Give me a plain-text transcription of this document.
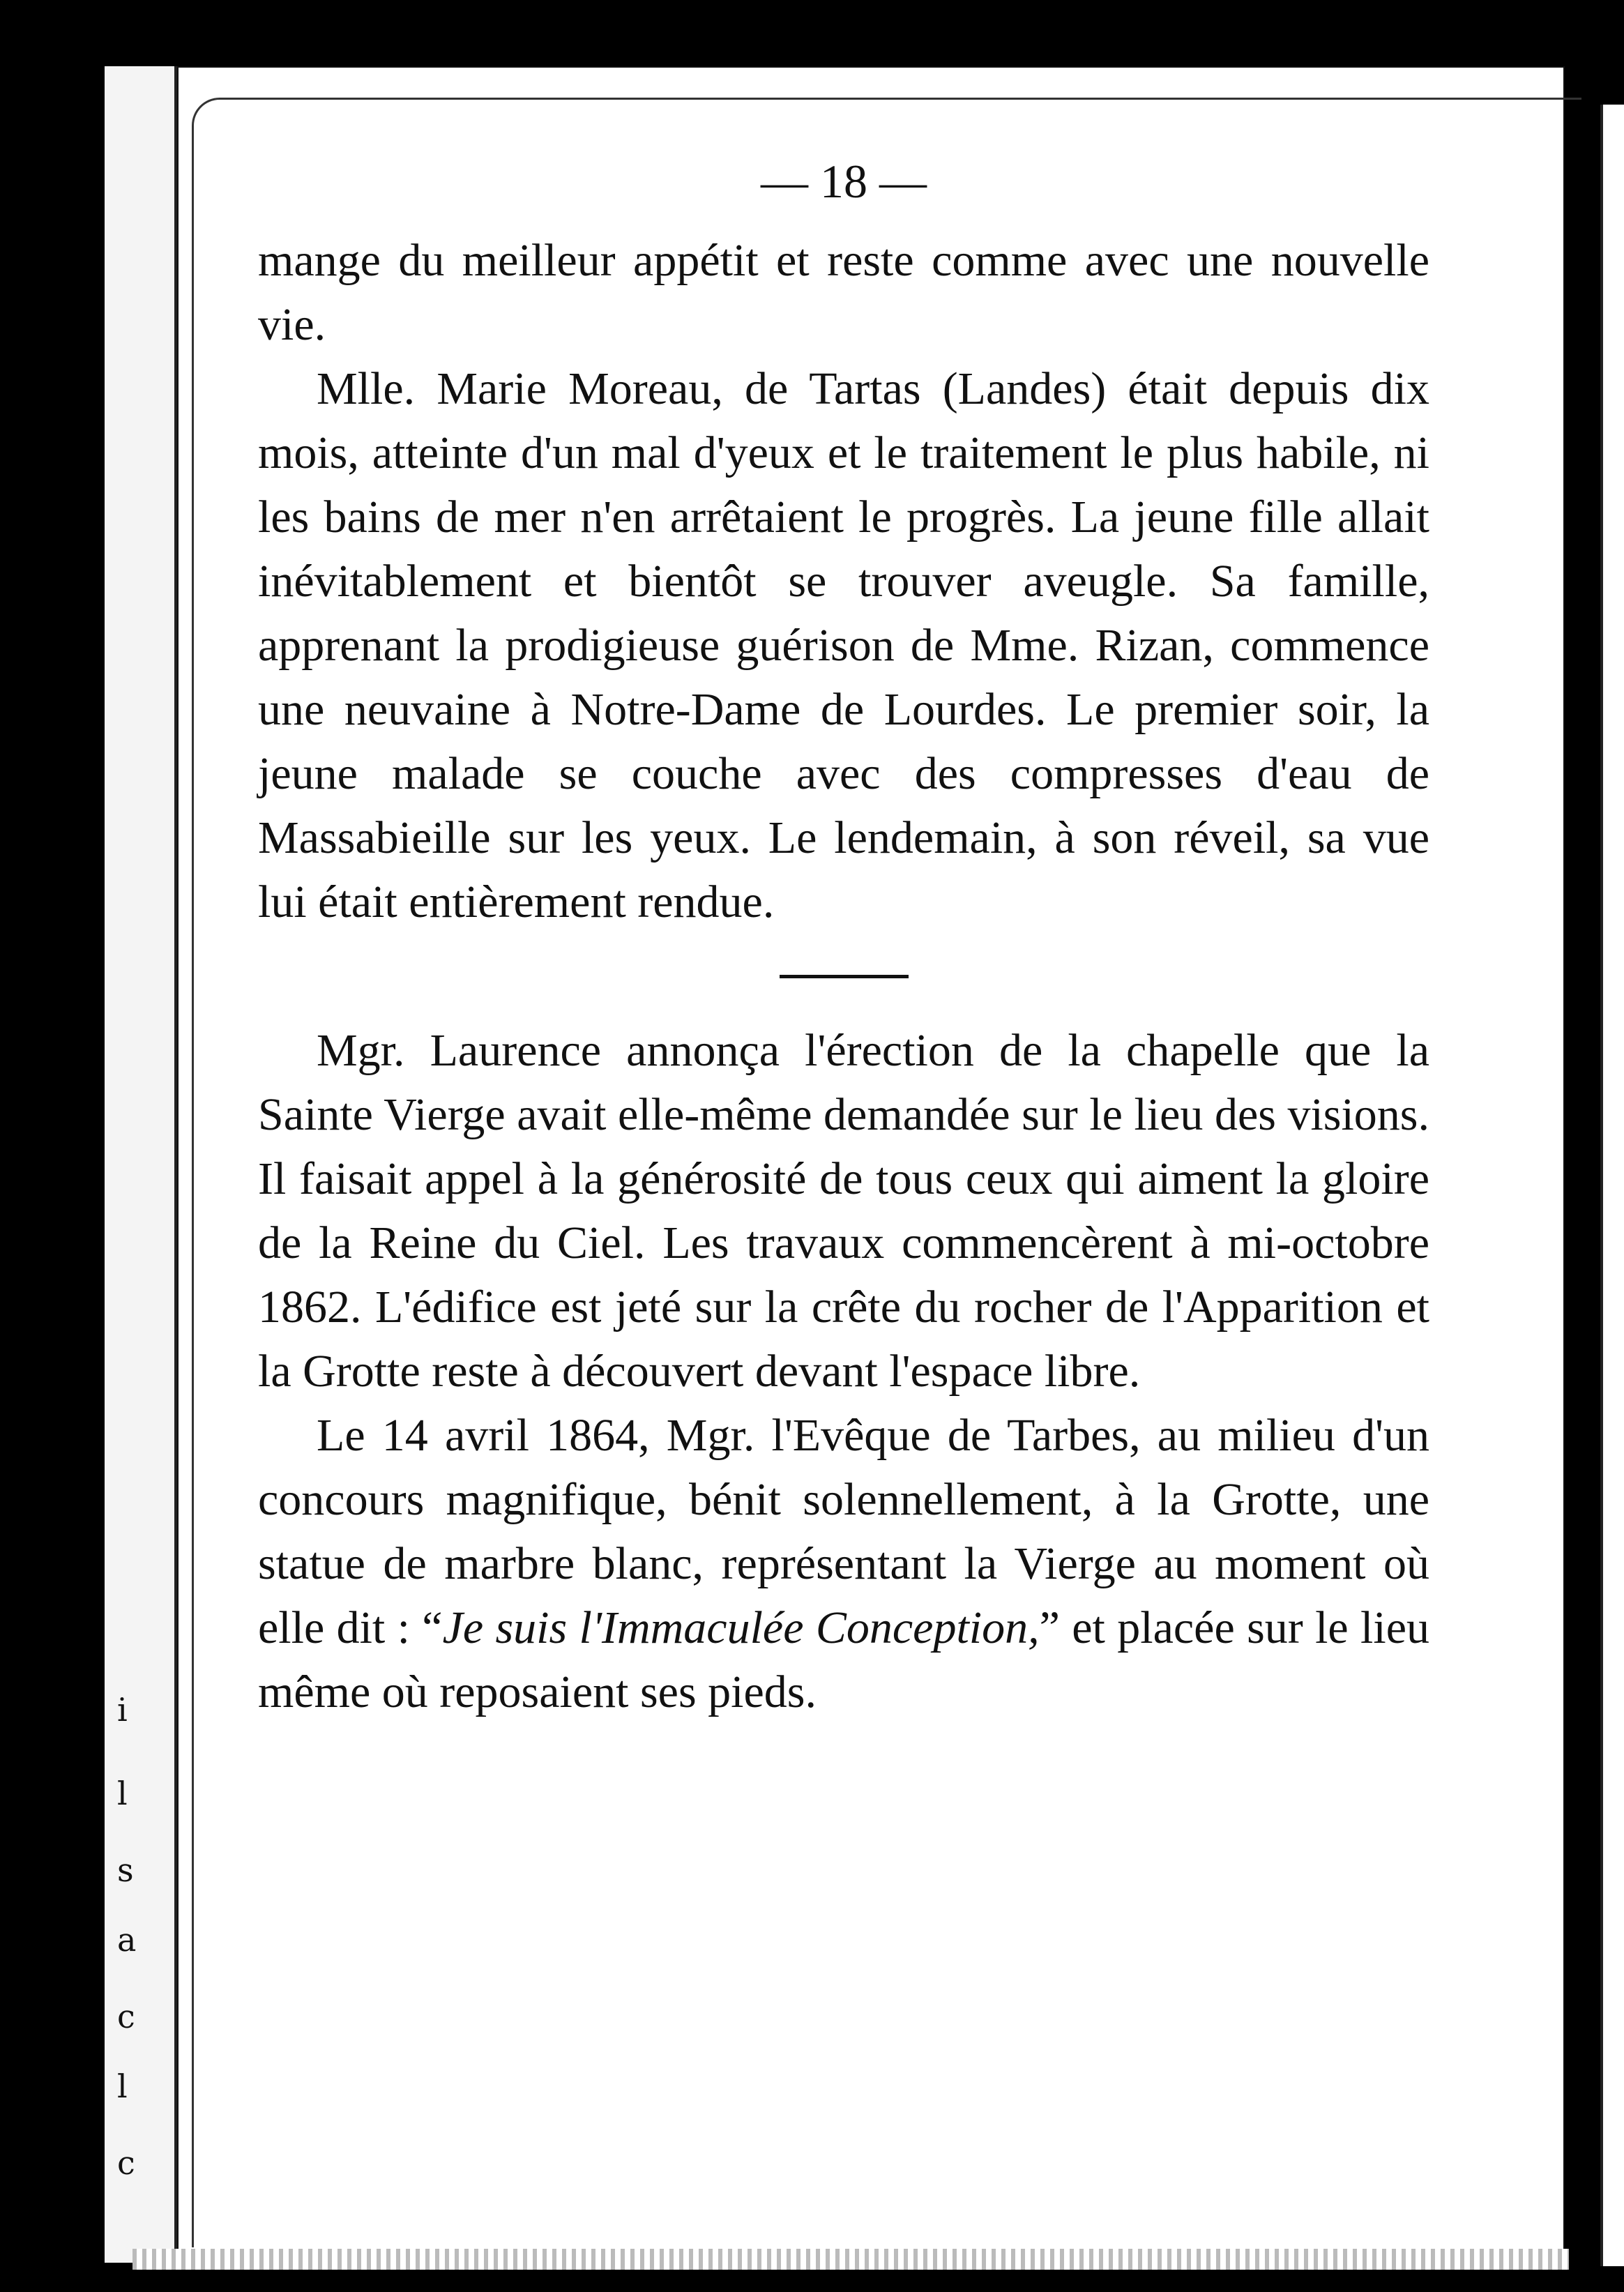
i
l
s
a
c
l
c
— 18 —

mange du meilleur appétit et reste comme avec une nouvelle vie.

Mlle. Marie Moreau, de Tartas (Landes) était depuis dix mois, atteinte d'un mal d'yeux et le traitement le plus habile, ni les bains de mer n'en arrêtaient le progrès. La jeune fille allait inévitablement et bientôt se trouver aveugle. Sa famille, apprenant la prodigieuse guérison de Mme. Rizan, commence une neuvaine à Notre-Dame de Lourdes. Le premier soir, la jeune malade se couche avec des compresses d'eau de Massabieille sur les yeux. Le lendemain, à son réveil, sa vue lui était entièrement rendue.

Mgr. Laurence annonça l'érection de la chapelle que la Sainte Vierge avait elle-même demandée sur le lieu des visions. Il faisait appel à la générosité de tous ceux qui aiment la gloire de la Reine du Ciel. Les travaux commencèrent à mi-octobre 1862. L'édifice est jeté sur la crête du rocher de l'Apparition et la Grotte reste à découvert devant l'espace libre.

Le 14 avril 1864, Mgr. l'Evêque de Tarbes, au milieu d'un concours magnifique, bénit solennellement, à la Grotte, une statue de marbre blanc, représentant la Vierge au moment où elle dit : “Je suis l'Immaculée Conception,” et placée sur le lieu même où reposaient ses pieds.
